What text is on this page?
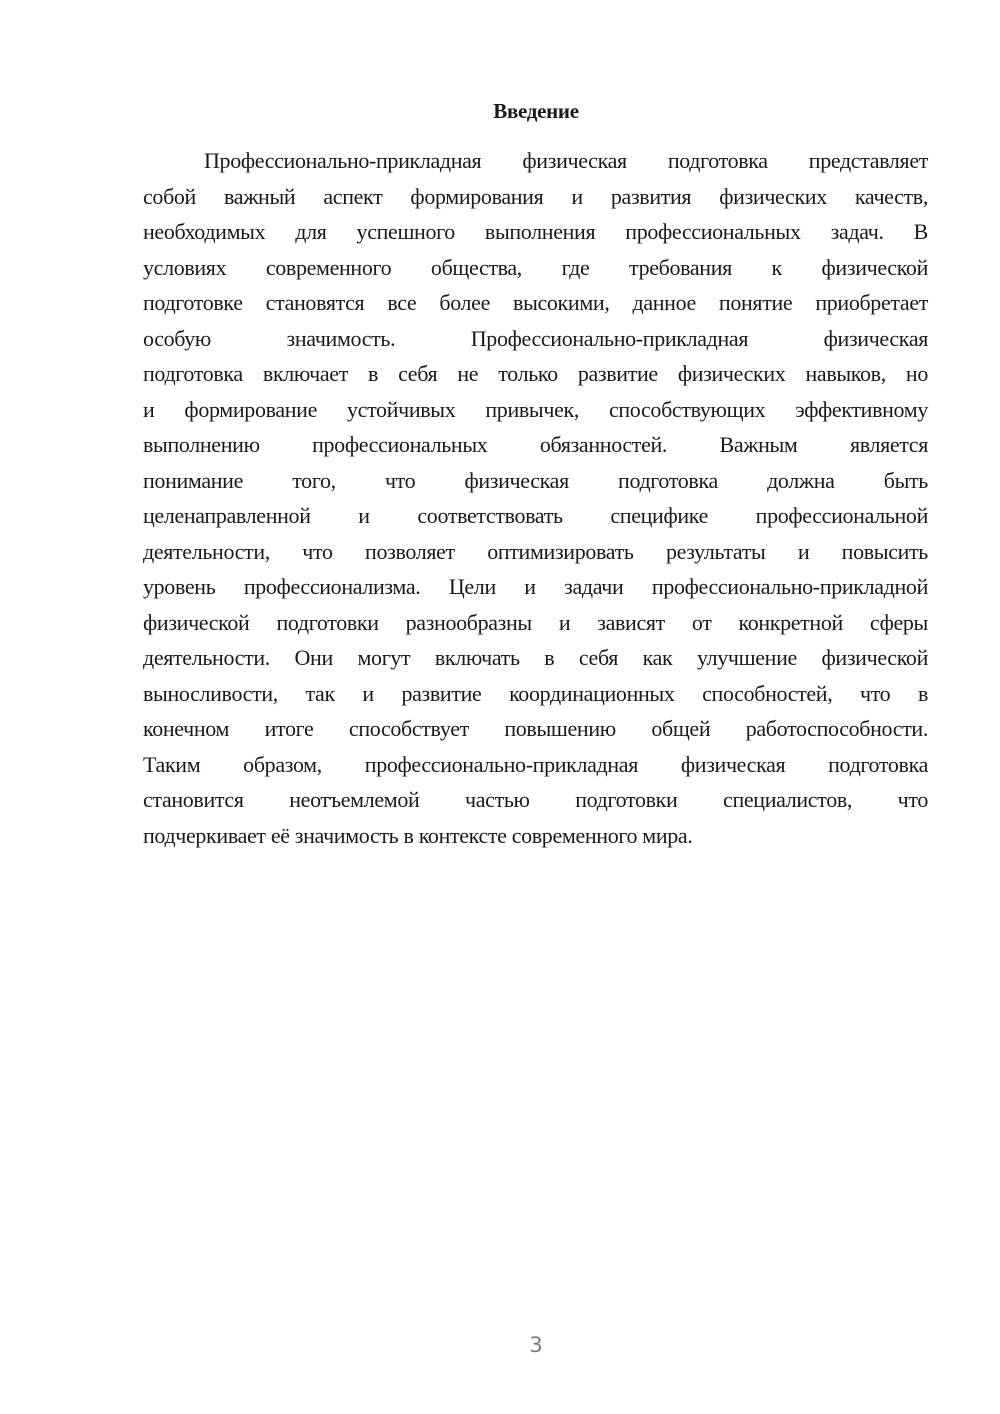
Введение
Профессионально-прикладная физическая подготовка представляет
собой важный аспект формирования и развития физических качеств,
необходимых для успешного выполнения профессиональных задач. В
условиях современного общества, где требования к физической
подготовке становятся все более высокими, данное понятие приобретает
особую значимость. Профессионально-прикладная физическая
подготовка включает в себя не только развитие физических навыков, но
и формирование устойчивых привычек, способствующих эффективному
выполнению профессиональных обязанностей. Важным является
понимание того, что физическая подготовка должна быть
целенаправленной и соответствовать специфике профессиональной
деятельности, что позволяет оптимизировать результаты и повысить
уровень профессионализма. Цели и задачи профессионально-прикладной
физической подготовки разнообразны и зависят от конкретной сферы
деятельности. Они могут включать в себя как улучшение физической
выносливости, так и развитие координационных способностей, что в
конечном итоге способствует повышению общей работоспособности.
Таким образом, профессионально-прикладная физическая подготовка
становится неотъемлемой частью подготовки специалистов, что
подчеркивает её значимость в контексте современного мира.
3
